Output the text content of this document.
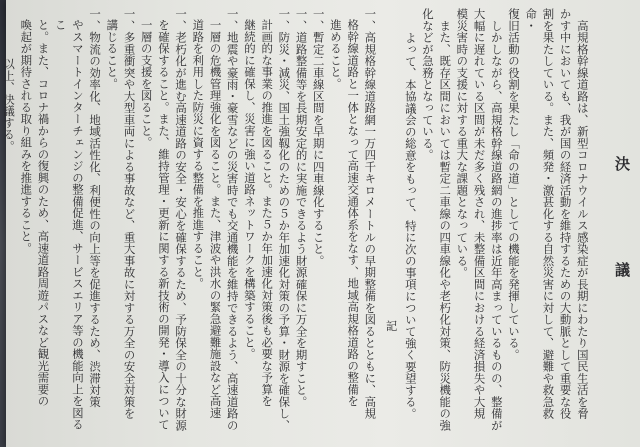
決　議

　高規格幹線道路は、新型コロナウイルス感染症が長期にわたり国民生活を脅

かす中においても、我が国の経済活動を維持するための大動脈として重要な役

割を果たしている。また、頻発・激甚化する自然災害に対して、避難や救急救命・

復旧活動の役割を果たし「命の道」としての機能を発揮している。

　しかしながら、高規格幹線道路網の進捗率は近年高まっているものの、整備が

大幅に遅れている区間が未だ多く残され、未整備区間における経済損失や大規

模災害時の支援に対する重大な課題となっている。

　また、既存区間においては暫定二車線の四車線化や老朽化対策、防災機能の強

化などが急務となっている。

　よって、本協議会の総意をもって、特に次の事項について強く要望する。

記

一、高規格幹線道路網一万四千キロメートルの早期整備を図るとともに、高規

格幹線道路と一体となって高速交通体系をなす、地域高規格道路の整備を

進めること。

一、暫定二車線区間を早期に四車線化すること。

一、道路整備等を長期安定的に実施できるよう財源確保に万全を期すこと。

一、防災・減災、国土強靱化のための５か年加速化対策の予算・財源を確保し、

計画的な事業の推進を図ること。また５か年加速化対策後も必要な予算を

継続的に確保し、災害に強い道路ネットワークを構築すること。

一、地震や豪雨・豪雪などの災害時でも交通機能を維持できるよう、高速道路の

一層の危機管理強化を図ること。また、津波や洪水の緊急避難施設など高速

道路を利用した防災に資する整備を推進すること。

一、老朽化が進む高速道路の安全・安心を確保するため、予防保全の十分な財源

を確保すること。また、維持管理・更新に関する新技術の開発・導入について

一層の支援を図ること。

一、多重衝突や大型車両による事故など、重大事故に対する万全の安全対策を

講じること。

一、物流の効率化、地域活性化、利便性の向上等を促進するため、渋滞対策

やスマートインターチェンジの整備促進、サービスエリア等の機能向上を図るこ

と。また、コロナ禍からの復興のため、高速道路周遊パスなど観光需要の

喚起が期待される取り組みを推進すること。

以上、決議する。
